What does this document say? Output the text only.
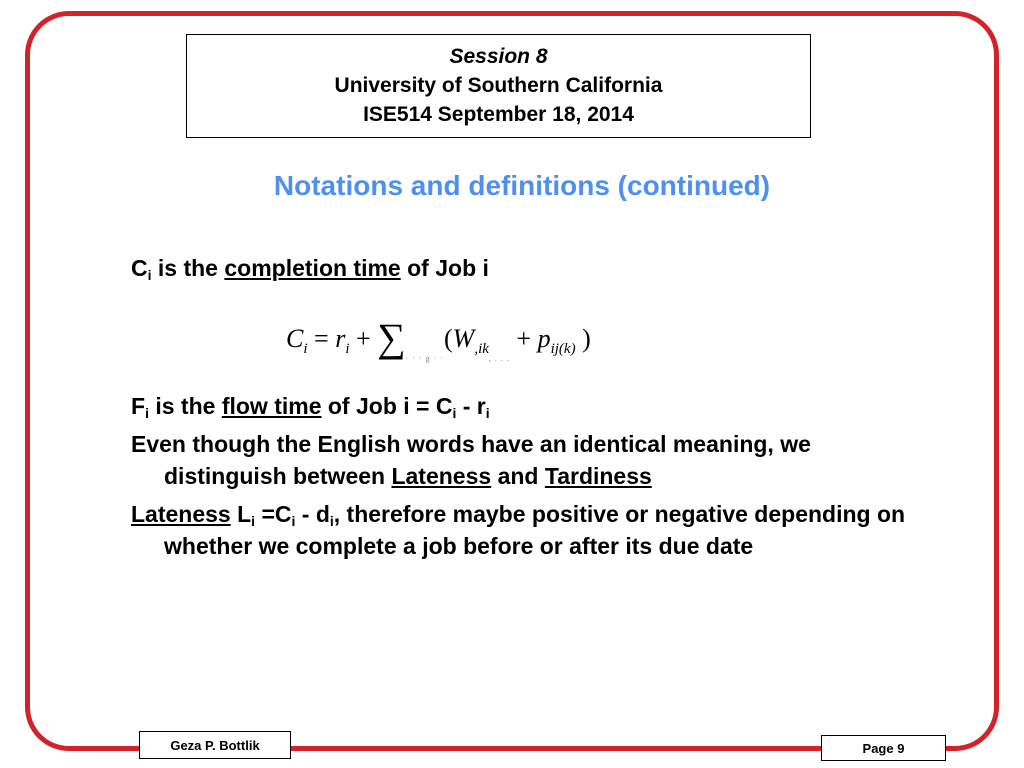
Session 8
University of Southern California
ISE514 September 18, 2014
Notations and definitions (continued)
$C_i$ is the completion time of Job i
$F_i$ is the flow time of Job $i = C_i - r_i$
Even though the English words have an identical meaning, we distinguish between Lateness and Tardiness
Lateness $L_i =C_i - d_i$, therefore maybe positive or negative depending on whether we complete a job before or after its due date
$C_i = r_i + \sum_{\cdot \cdot \cdot g \cdot \cdot}(W_{,ik, . . .} + p_{ij(k)}$ )
Geza P. Bottlik	Page 9
